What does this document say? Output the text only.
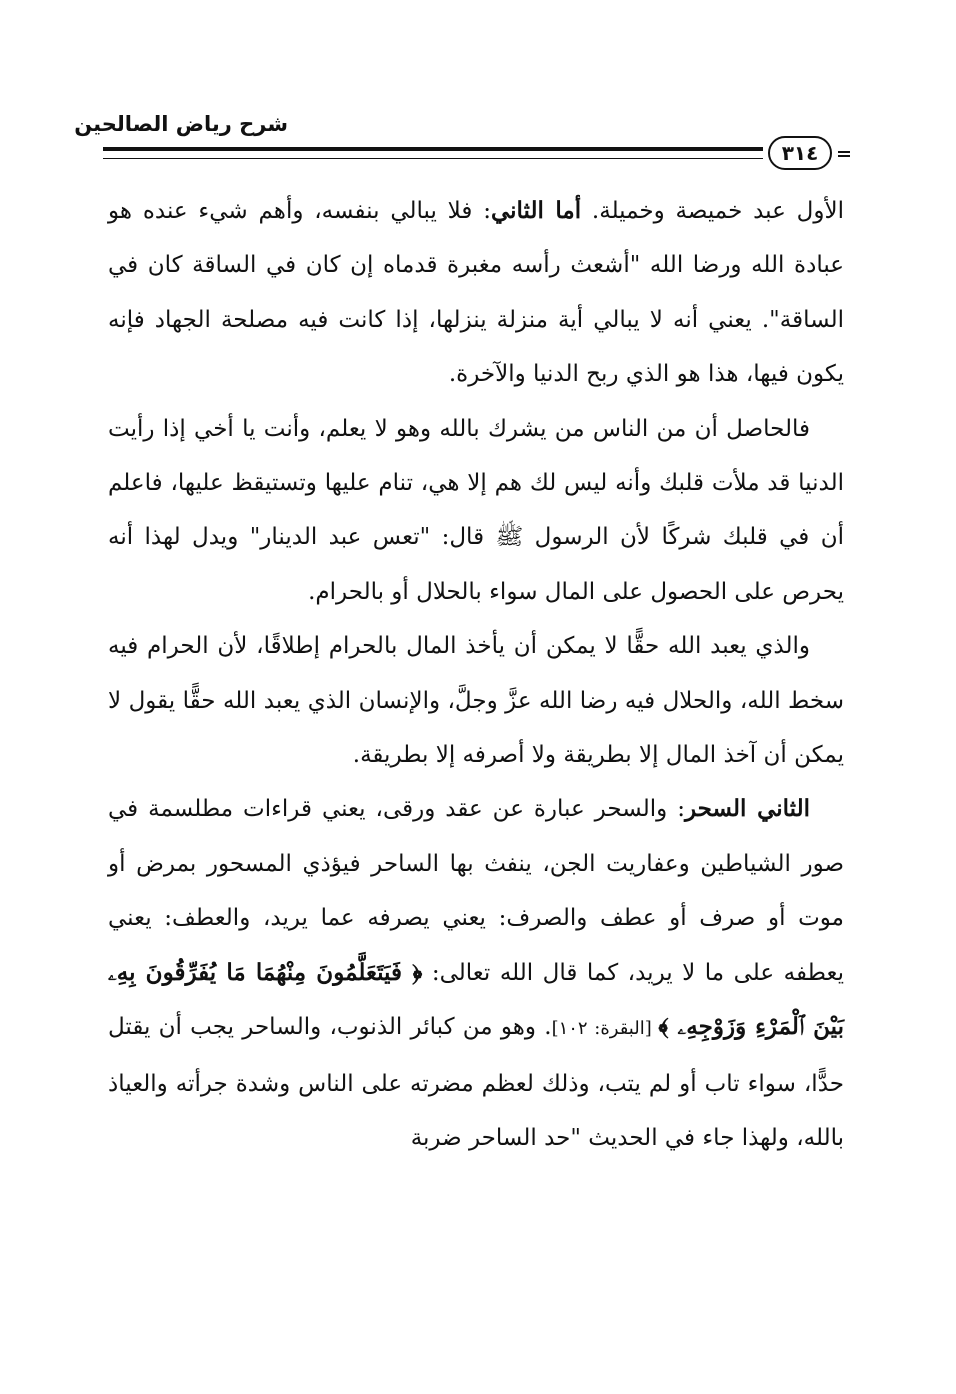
شرح رياض الصالحين
٣١٤

الأول عبد خميصة وخميلة. أما الثاني: فلا يبالي بنفسه، وأهم شيء عنده هو عبادة الله ورضا الله "أشعث رأسه مغبرة قدماه إن كان في الساقة كان في الساقة". يعني أنه لا يبالي أية منزلة ينزلها، إذا كانت فيه مصلحة الجهاد فإنه يكون فيها، هذا هو الذي ربح الدنيا والآخرة.

فالحاصل أن من الناس من يشرك بالله وهو لا يعلم، وأنت يا أخي إذا رأيت الدنيا قد ملأت قلبك وأنه ليس لك هم إلا هي، تنام عليها وتستيقظ عليها، فاعلم أن في قلبك شركًا لأن الرسول ﷺ قال: "تعس عبد الدينار" ويدل لهذا أنه يحرص على الحصول على المال سواء بالحلال أو بالحرام.

والذي يعبد الله حقًّا لا يمكن أن يأخذ المال بالحرام إطلاقًا، لأن الحرام فيه سخط الله، والحلال فيه رضا الله عزَّ وجلَّ، والإنسان الذي يعبد الله حقًّا يقول لا يمكن أن آخذ المال إلا بطريقة ولا أصرفه إلا بطريقة.

الثاني السحر: والسحر عبارة عن عقد ورقى، يعني قراءات مطلسمة في صور الشياطين وعفاريت الجن، ينفث بها الساحر فيؤذي المسحور بمرض أو موت أو صرف أو عطف والصرف: يعني يصرفه عما يريد، والعطف: يعني يعطفه على ما لا يريد، كما قال الله تعالى: ﴿ فَيَتَعَلَّمُونَ مِنْهُمَا مَا يُفَرِّقُونَ بِهِۦ بَيْنَ ٱلْمَرْءِ وَزَوْجِهِۦ ﴾ [البقرة: ١٠٢]. وهو من كبائر الذنوب، والساحر يجب أن يقتل حدًّا، سواء تاب أو لم يتب، وذلك لعظم مضرته على الناس وشدة جرأته والعياذ بالله، ولهذا جاء في الحديث "حد الساحر ضربة
